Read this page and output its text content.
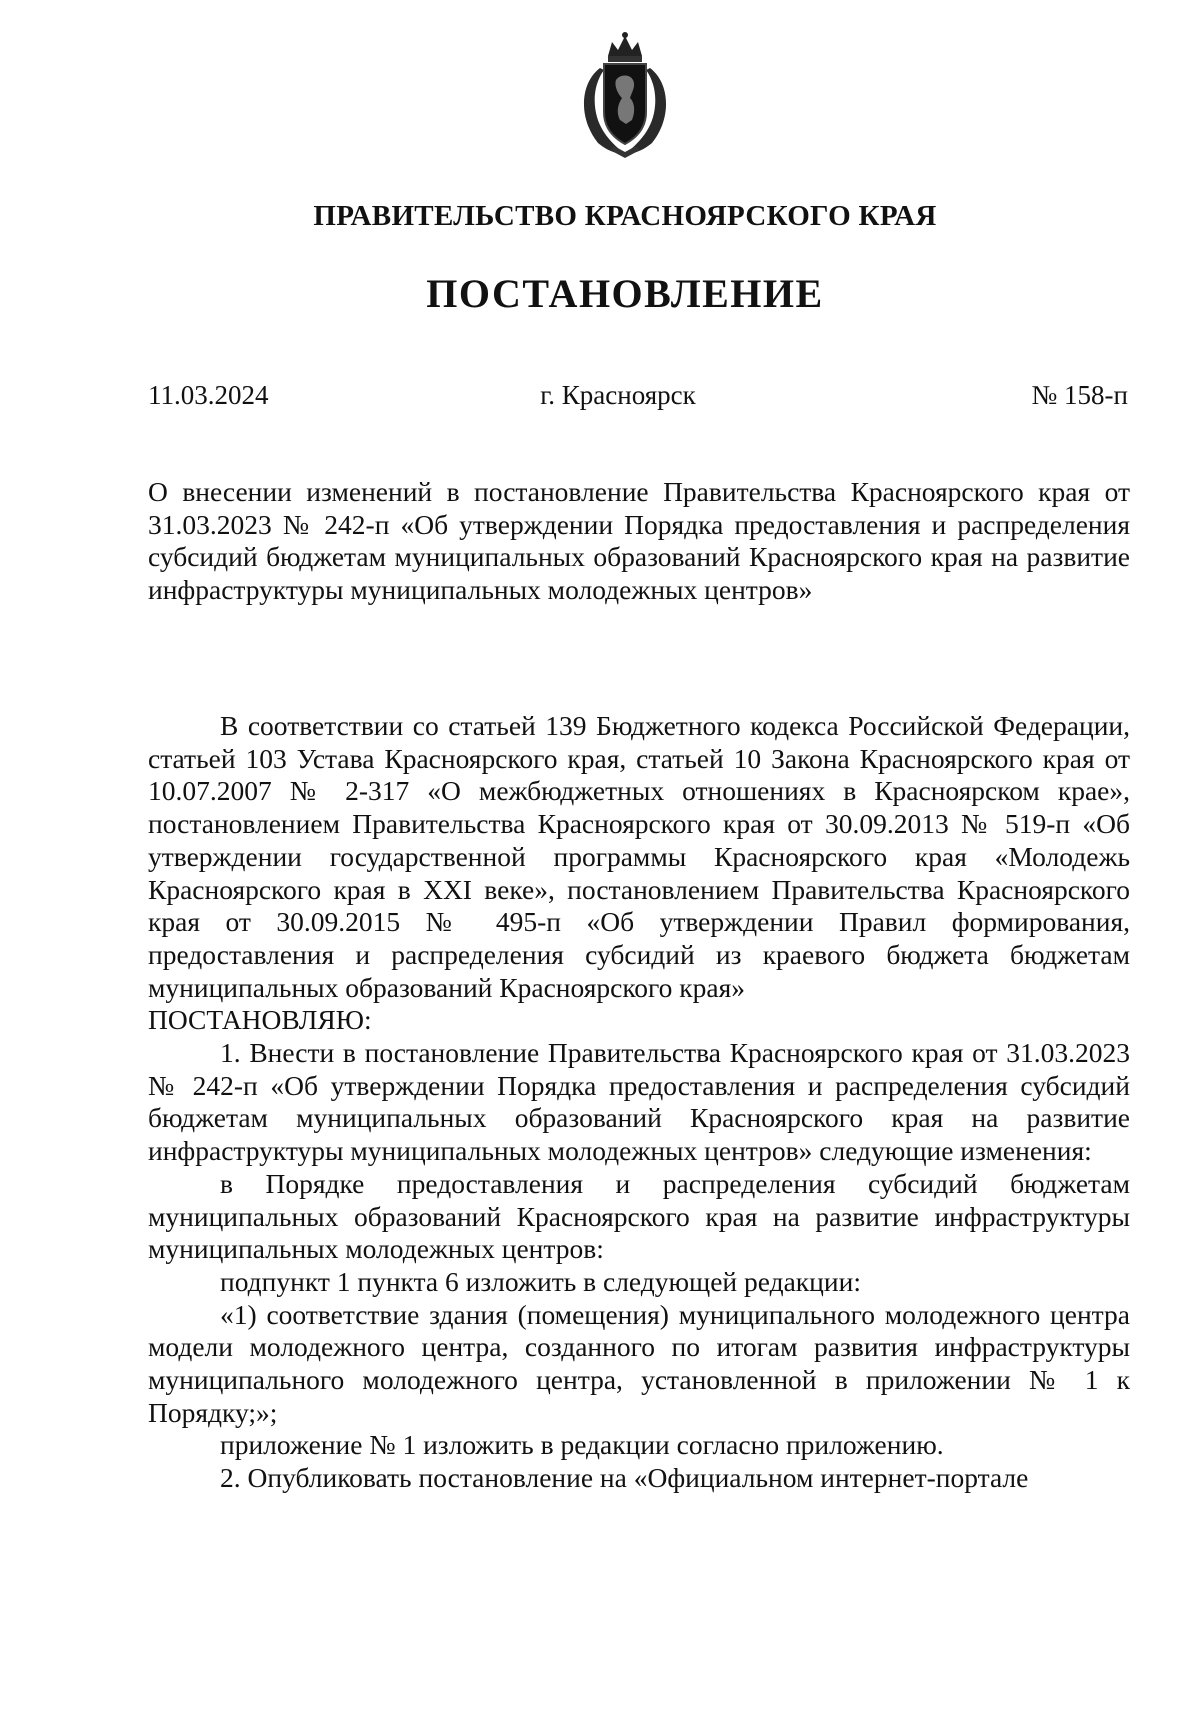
ПРАВИТЕЛЬСТВО КРАСНОЯРСКОГО КРАЯ
ПОСТАНОВЛЕНИЕ
11.03.2024	г. Красноярск	№ 158-п

О внесении изменений в постановление Правительства Красноярского края от 31.03.2023 № 242-п «Об утверждении Порядка предоставления и распределения субсидий бюджетам муниципальных образований Красноярского края на развитие инфраструктуры муниципальных молодежных центров»

В соответствии со статьей 139 Бюджетного кодекса Российской Федерации, статьей 103 Устава Красноярского края, статьей 10 Закона Красноярского края от 10.07.2007 № 2-317 «О межбюджетных отношениях в Красноярском крае», постановлением Правительства Красноярского края от 30.09.2013 № 519-п «Об утверждении государственной программы Красноярского края «Молодежь Красноярского края в XXI веке», постановлением Правительства Красноярского края от 30.09.2015 № 495-п «Об утверждении Правил формирования, предоставления и распределения субсидий из краевого бюджета бюджетам муниципальных образований Красноярского края»

ПОСТАНОВЛЯЮ:

1. Внести в постановление Правительства Красноярского края от 31.03.2023 № 242-п «Об утверждении Порядка предоставления и распределения субсидий бюджетам муниципальных образований Красноярского края на развитие инфраструктуры муниципальных молодежных центров» следующие изменения:

в Порядке предоставления и распределения субсидий бюджетам муниципальных образований Красноярского края на развитие инфраструктуры муниципальных молодежных центров:

подпункт 1 пункта 6 изложить в следующей редакции:

«1) соответствие здания (помещения) муниципального молодежного центра модели молодежного центра, созданного по итогам развития инфраструктуры муниципального молодежного центра, установленной в приложении № 1 к Порядку;»;

приложение № 1 изложить в редакции согласно приложению.

2. Опубликовать постановление на «Официальном интернет-портале
